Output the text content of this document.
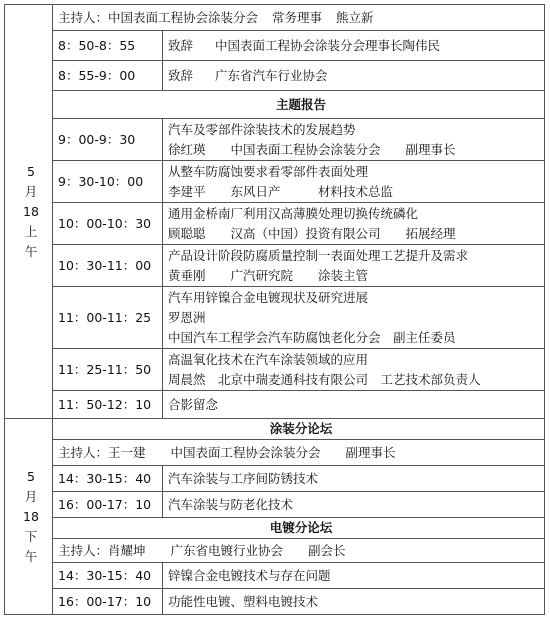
5
月
18
上
午	主持人：中国表面工程协会涂装分会 常务理事 熊立新	
	8：50-8：55	致辞 中国表面工程协会涂装分会理事长陶伟民
	8：55-9：00	致辞 广东省汽车行业协会
	主题报告	
	9：00-9：30	汽车及零部件涂装技术的发展趋势
徐红瑛　　中国表面工程协会涂装分会　　副理事长

	9：30-10：00	从整车防腐蚀要求看零部件表面处理
李建平　　东风日产　　　材料技术总监

	10：00-10：30	通用金桥南厂利用汉高薄膜处理切换传统磷化
顾聪聪　　汉高（中国）投资有限公司　　拓展经理

	10：30-11：00	产品设计阶段防腐质量控制一表面处理工艺提升及需求
黄垂刚　　广汽研究院　　涂装主管

	11：00-11：25	汽车用锌镍合金电镀现状及研究进展
罗恩洲
中国汽车工程学会汽车防腐蚀老化分会　副主任委员

	11：25-11：50	高温氧化技术在汽车涂装领域的应用
周晨然　北京中瑞麦通科技有限公司　工艺技术部负责人

	11：50-12：10	合影留念

5
月
18
下
午	涂装分论坛	
	主持人：王一建　　中国表面工程协会涂装分会　　副理事长	
	14：30-15：40	汽车涂装与工序间防锈技术
	16：00-17：10	汽车涂装与防老化技术
	电镀分论坛	
	主持人：肖耀坤　　广东省电镀行业协会　　副会长	
	14：30-15：40	锌镍合金电镀技术与存在问题
	16：00-17：10	功能性电镀、塑料电镀技术
